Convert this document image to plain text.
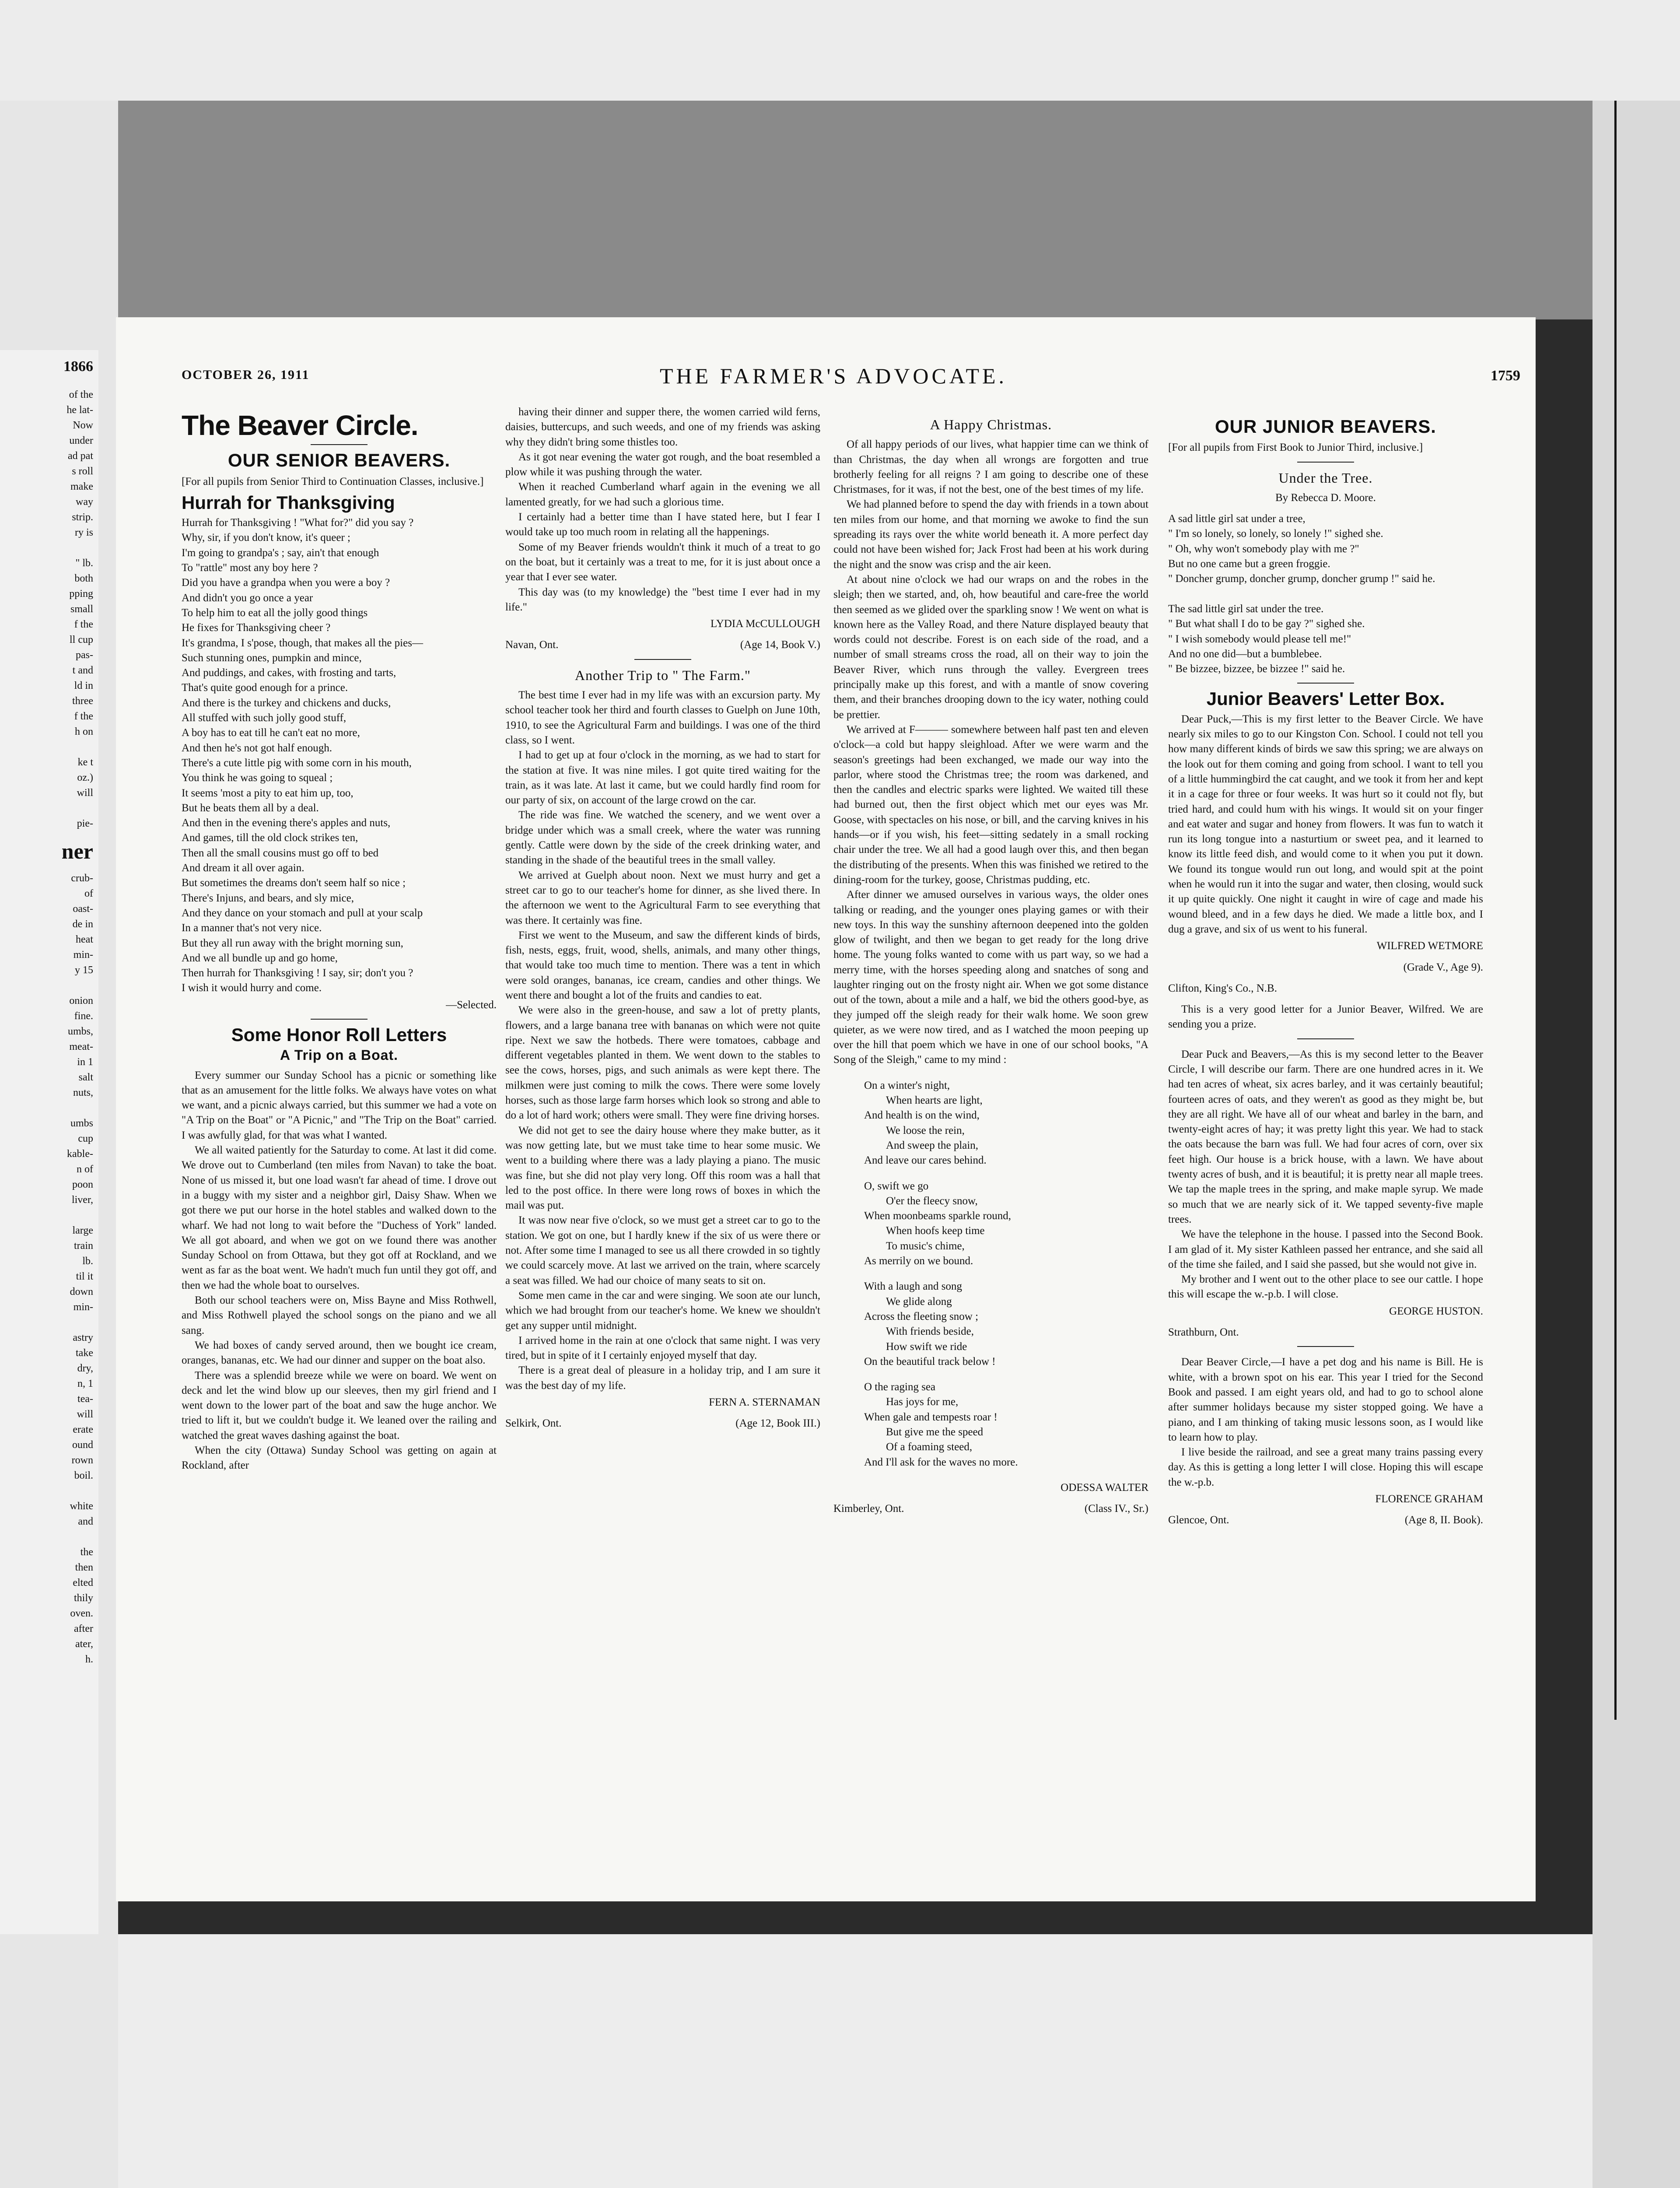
1866
of the
he lat-
Now
under
ad pat
s roll
make
way
strip.
ry is

" lb.
both
pping
small
f the
ll cup
pas-
t and
ld in
three
f the
h on

ke t
oz.)
will

pie-
ner
crub-
of
oast-
de in
heat
min-
y 15

onion
fine.
umbs,
meat-
in 1
salt
nuts,

umbs
cup
kable-
n of
poon
liver,

large
train
lb.
til it
down
min-

astry
take
dry,
n, 1
tea-
will
erate
ound
rown
boil.

white
and

the
then
elted
thily
oven.
after
ater,
h.
OCTOBER 26, 1911	THE FARMER'S ADVOCATE.	1759
The Beaver Circle.
OUR SENIOR BEAVERS.

[For all pupils from Senior Third to Continuation Classes, inclusive.]

Hurrah for Thanksgiving
Hurrah for Thanksgiving ! "What for?" did you say ?
Why, sir, if you don't know, it's queer ;
I'm going to grandpa's ; say, ain't that enough
To "rattle" most any boy here ?
Did you have a grandpa when you were a boy ?
And didn't you go once a year
To help him to eat all the jolly good things
He fixes for Thanksgiving cheer ?
It's grandma, I s'pose, though, that makes all the pies—
Such stunning ones, pumpkin and mince,
And puddings, and cakes, with frosting and tarts,
That's quite good enough for a prince.
And there is the turkey and chickens and ducks,
All stuffed with such jolly good stuff,
A boy has to eat till he can't eat no more,
And then he's not got half enough.
There's a cute little pig with some corn in his mouth,
You think he was going to squeal ;
It seems 'most a pity to eat him up, too,
But he beats them all by a deal.
And then in the evening there's apples and nuts,
And games, till the old clock strikes ten,
Then all the small cousins must go off to bed
And dream it all over again.
But sometimes the dreams don't seem half so nice ;
There's Injuns, and bears, and sly mice,
And they dance on your stomach and pull at your scalp
In a manner that's not very nice.
But they all run away with the bright morning sun,
And we all bundle up and go home,
Then hurrah for Thanksgiving ! I say, sir; don't you ?
I wish it would hurry and come.
—Selected.
Some Honor Roll Letters
A Trip on a Boat.

Every summer our Sunday School has a picnic or something like that as an amusement for the little folks. We always have votes on what we want, and a picnic always carried, but this summer we had a vote on "A Trip on the Boat" or "A Picnic," and "The Trip on the Boat" carried. I was awfully glad, for that was what I wanted.

We all waited patiently for the Saturday to come. At last it did come. We drove out to Cumberland (ten miles from Navan) to take the boat. None of us missed it, but one load wasn't far ahead of time. I drove out in a buggy with my sister and a neighbor girl, Daisy Shaw. When we got there we put our horse in the hotel stables and walked down to the wharf. We had not long to wait before the "Duchess of York" landed. We all got aboard, and when we got on we found there was another Sunday School on from Ottawa, but they got off at Rockland, and we went as far as the boat went. We hadn't much fun until they got off, and then we had the whole boat to ourselves.

Both our school teachers were on, Miss Bayne and Miss Rothwell, and Miss Rothwell played the school songs on the piano and we all sang.

We had boxes of candy served around, then we bought ice cream, oranges, bananas, etc. We had our dinner and supper on the boat also.

There was a splendid breeze while we were on board. We went on deck and let the wind blow up our sleeves, then my girl friend and I went down to the lower part of the boat and saw the huge anchor. We tried to lift it, but we couldn't budge it. We leaned over the railing and watched the great waves dashing against the boat.

When the city (Ottawa) Sunday School was getting on again at Rockland, after

having their dinner and supper there, the women carried wild ferns, daisies, buttercups, and such weeds, and one of my friends was asking why they didn't bring some thistles too.

As it got near evening the water got rough, and the boat resembled a plow while it was pushing through the water.

When it reached Cumberland wharf again in the evening we all lamented greatly, for we had such a glorious time.

I certainly had a better time than I have stated here, but I fear I would take up too much room in relating all the happenings.

Some of my Beaver friends wouldn't think it much of a treat to go on the boat, but it certainly was a treat to me, for it is just about once a year that I ever see water.

This day was (to my knowledge) the "best time I ever had in my life."

LYDIA McCULLOUGH
Navan, Ont.	(Age 14, Book V.)
Another Trip to " The Farm."

The best time I ever had in my life was with an excursion party. My school teacher took her third and fourth classes to Guelph on June 10th, 1910, to see the Agricultural Farm and buildings. I was one of the third class, so I went.

I had to get up at four o'clock in the morning, as we had to start for the station at five. It was nine miles. I got quite tired waiting for the train, as it was late. At last it came, but we could hardly find room for our party of six, on account of the large crowd on the car.

The ride was fine. We watched the scenery, and we went over a bridge under which was a small creek, where the water was running gently. Cattle were down by the side of the creek drinking water, and standing in the shade of the beautiful trees in the small valley.

We arrived at Guelph about noon. Next we must hurry and get a street car to go to our teacher's home for dinner, as she lived there. In the afternoon we went to the Agricultural Farm to see everything that was there. It certainly was fine.

First we went to the Museum, and saw the different kinds of birds, fish, nests, eggs, fruit, wood, shells, animals, and many other things, that would take too much time to mention. There was a tent in which were sold oranges, bananas, ice cream, candies and other things. We went there and bought a lot of the fruits and candies to eat.

We were also in the green-house, and saw a lot of pretty plants, flowers, and a large banana tree with bananas on which were not quite ripe. Next we saw the hotbeds. There were tomatoes, cabbage and different vegetables planted in them. We went down to the stables to see the cows, horses, pigs, and such animals as were kept there. The milkmen were just coming to milk the cows. There were some lovely horses, such as those large farm horses which look so strong and able to do a lot of hard work; others were small. They were fine driving horses.

We did not get to see the dairy house where they make butter, as it was now getting late, but we must take time to hear some music. We went to a building where there was a lady playing a piano. The music was fine, but she did not play very long. Off this room was a hall that led to the post office. In there were long rows of boxes in which the mail was put.

It was now near five o'clock, so we must get a street car to go to the station. We got on one, but I hardly knew if the six of us were there or not. After some time I managed to see us all there crowded in so tightly we could scarcely move. At last we arrived on the train, where scarcely a seat was filled. We had our choice of many seats to sit on.

Some men came in the car and were singing. We soon ate our lunch, which we had brought from our teacher's home. We knew we shouldn't get any supper until midnight.

I arrived home in the rain at one o'clock that same night. I was very tired, but in spite of it I certainly enjoyed myself that day.

There is a great deal of pleasure in a holiday trip, and I am sure it was the best day of my life.

FERN A. STERNAMAN
Selkirk, Ont.	(Age 12, Book III.)
A Happy Christmas.

Of all happy periods of our lives, what happier time can we think of than Christmas, the day when all wrongs are forgotten and true brotherly feeling for all reigns ? I am going to describe one of these Christmases, for it was, if not the best, one of the best times of my life.

We had planned before to spend the day with friends in a town about ten miles from our home, and that morning we awoke to find the sun spreading its rays over the white world beneath it. A more perfect day could not have been wished for; Jack Frost had been at his work during the night and the snow was crisp and the air keen.

At about nine o'clock we had our wraps on and the robes in the sleigh; then we started, and, oh, how beautiful and care-free the world then seemed as we glided over the sparkling snow ! We went on what is known here as the Valley Road, and there Nature displayed beauty that words could not describe. Forest is on each side of the road, and a number of small streams cross the road, all on their way to join the Beaver River, which runs through the valley. Evergreen trees principally make up this forest, and with a mantle of snow covering them, and their branches drooping down to the icy water, nothing could be prettier.

We arrived at F——— somewhere between half past ten and eleven o'clock—a cold but happy sleighload. After we were warm and the season's greetings had been exchanged, we made our way into the parlor, where stood the Christmas tree; the room was darkened, and then the candles and electric sparks were lighted. We waited till these had burned out, then the first object which met our eyes was Mr. Goose, with spectacles on his nose, or bill, and the carving knives in his hands—or if you wish, his feet—sitting sedately in a small rocking chair under the tree. We all had a good laugh over this, and then began the distributing of the presents. When this was finished we retired to the dining-room for the turkey, goose, Christmas pudding, etc.

After dinner we amused ourselves in various ways, the older ones talking or reading, and the younger ones playing games or with their new toys. In this way the sunshiny afternoon deepened into the golden glow of twilight, and then we began to get ready for the long drive home. The young folks wanted to come with us part way, so we had a merry time, with the horses speeding along and snatches of song and laughter ringing out on the frosty night air. When we got some distance out of the town, about a mile and a half, we bid the others good-bye, as they jumped off the sleigh ready for their walk home. We soon grew quieter, as we were now tired, and as I watched the moon peeping up over the hill that poem which we have in one of our school books, "A Song of the Sleigh," came to my mind :

On a winter's night,
When hearts are light,
And health is on the wind,
We loose the rein,
And sweep the plain,
And leave our cares behind.
O, swift we go
O'er the fleecy snow,
When moonbeams sparkle round,
When hoofs keep time
To music's chime,
As merrily on we bound.
With a laugh and song
We glide along
Across the fleeting snow ;
With friends beside,
How swift we ride
On the beautiful track below !
O the raging sea
Has joys for me,
When gale and tempests roar !
But give me the speed
Of a foaming steed,
And I'll ask for the waves no more.
ODESSA WALTER
Kimberley, Ont.	(Class IV., Sr.)
OUR JUNIOR BEAVERS.

[For all pupils from First Book to Junior Third, inclusive.]

Under the Tree.
By Rebecca D. Moore.
A sad little girl sat under a tree,
" I'm so lonely, so lonely, so lonely !" sighed she.
" Oh, why won't somebody play with me ?"
But no one came but a green froggie.
" Doncher grump, doncher grump, doncher grump !" said he.

The sad little girl sat under the tree.
" But what shall I do to be gay ?" sighed she.
" I wish somebody would please tell me!"
And no one did—but a bumblebee.
" Be bizzee, bizzee, be bizzee !" said he.
Junior Beavers' Letter Box.

Dear Puck,—This is my first letter to the Beaver Circle. We have nearly six miles to go to our Kingston Con. School. I could not tell you how many different kinds of birds we saw this spring; we are always on the look out for them coming and going from school. I want to tell you of a little hummingbird the cat caught, and we took it from her and kept it in a cage for three or four weeks. It was hurt so it could not fly, but tried hard, and could hum with his wings. It would sit on your finger and eat water and sugar and honey from flowers. It was fun to watch it run its long tongue into a nasturtium or sweet pea, and it learned to know its little feed dish, and would come to it when you put it down. We found its tongue would run out long, and would spit at the point when he would run it into the sugar and water, then closing, would suck it up quite quickly. One night it caught in wire of cage and made his wound bleed, and in a few days he died. We made a little box, and I dug a grave, and six of us went to his funeral.

WILFRED WETMORE
(Grade V., Age 9).

Clifton, King's Co., N.B.

This is a very good letter for a Junior Beaver, Wilfred. We are sending you a prize.

Dear Puck and Beavers,—As this is my second letter to the Beaver Circle, I will describe our farm. There are one hundred acres in it. We had ten acres of wheat, six acres barley, and it was certainly beautiful; fourteen acres of oats, and they weren't as good as they might be, but they are all right. We have all of our wheat and barley in the barn, and twenty-eight acres of hay; it was pretty light this year. We had to stack the oats because the barn was full. We had four acres of corn, over six feet high. Our house is a brick house, with a lawn. We have about twenty acres of bush, and it is beautiful; it is pretty near all maple trees. We tap the maple trees in the spring, and make maple syrup. We made so much that we are nearly sick of it. We tapped seventy-five maple trees.

We have the telephone in the house. I passed into the Second Book. I am glad of it. My sister Kathleen passed her entrance, and she said all of the time she failed, and I said she passed, but she would not give in.

My brother and I went out to the other place to see our cattle. I hope this will escape the w.-p.b. I will close.

GEORGE HUSTON.

Strathburn, Ont.

Dear Beaver Circle,—I have a pet dog and his name is Bill. He is white, with a brown spot on his ear. This year I tried for the Second Book and passed. I am eight years old, and had to go to school alone after summer holidays because my sister stopped going. We have a piano, and I am thinking of taking music lessons soon, as I would like to learn how to play.

I live beside the railroad, and see a great many trains passing every day. As this is getting a long letter I will close. Hoping this will escape the w.-p.b.

FLORENCE GRAHAM
Glencoe, Ont.	(Age 8, II. Book).
